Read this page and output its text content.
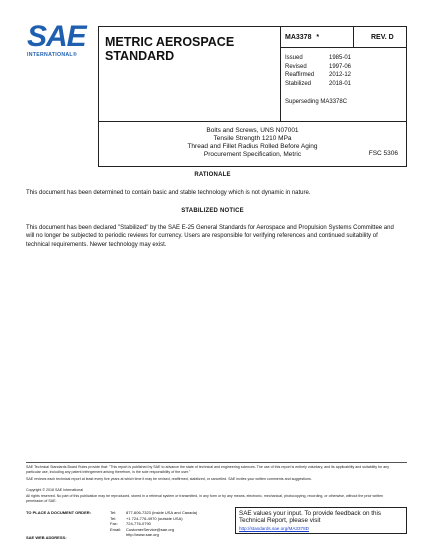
SAE
INTERNATIONAL®
METRIC AEROSPACE
STANDARD
MA3378 *	REV. D
Issued	1985-01
Revised	1997-06
Reaffirmed	2012-12
Stabilized	2018-01
Superseding MA3378C
Bolts and Screws, UNS N07001
Tensile Strength 1210 MPa
Thread and Fillet Radius Rolled Before Aging
Procurement Specification, Metric	FSC 5306
RATIONALE
This document has been determined to contain basic and stable technology which is not dynamic in nature.
STABILIZED NOTICE
This document has been declared "Stabilized" by the SAE E-25 General Standards for Aerospace and Propulsion Systems Committee and will no longer be subjected to periodic reviews for currency. Users are responsible for verifying references and continued suitability of technical requirements. Newer technology may exist.
SAE Technical Standards Board Rules provide that: "This report is published by SAE to advance the state of technical and engineering sciences. The use of this report is entirely voluntary, and its applicability and suitability for any particular use, including any patent infringement arising therefrom, is the sole responsibility of the user."
SAE reviews each technical report at least every five years at which time it may be revised, reaffirmed, stabilized, or cancelled. SAE invites your written comments and suggestions.
Copyright © 2018 SAE International
All rights reserved. No part of this publication may be reproduced, stored in a retrieval system or transmitted, in any form or by any means, electronic, mechanical, photocopying, recording, or otherwise, without the prior written permission of SAE.
TO PLACE A DOCUMENT ORDER:	Tel:	877-606-7323 (inside USA and Canada)
Tel:	+1 724-776-4970 (outside USA)
Fax:	724-776-0790
Email:	CustomerService@sae.org
http://www.sae.org
SAE WEB ADDRESS:
SAE values your input. To provide feedback on this
Technical Report, please visit
http://standards.sae.org/MA3378D
